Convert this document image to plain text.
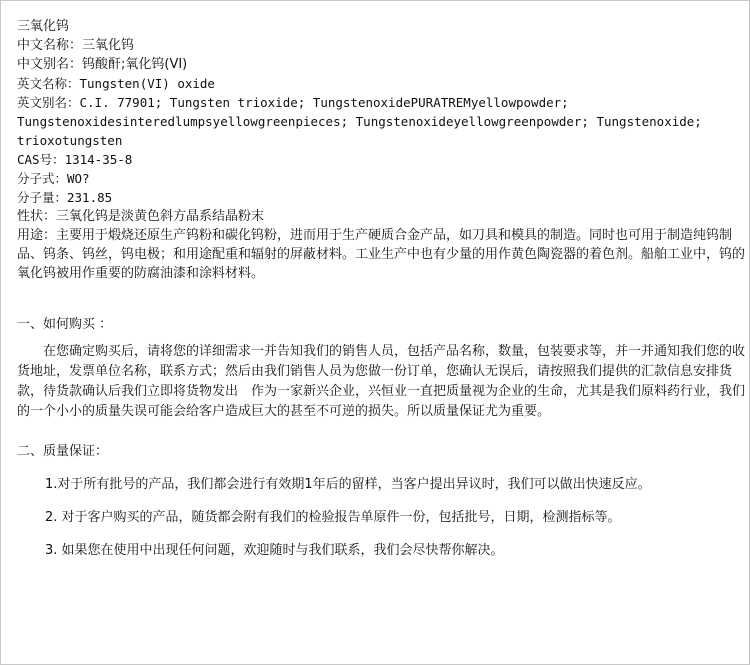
三氧化钨

中文名称：三氧化钨

中文别名：钨酸酐;氧化钨(VI)

英文名称：Tungsten(VI) oxide

英文别名：C.I. 77901; Tungsten trioxide; TungstenoxidePURATREMyellowpowder;

Tungstenoxidesinteredlumpsyellowgreenpieces; Tungstenoxideyellowgreenpowder; Tungstenoxide;

trioxotungsten

CAS号：1314-35-8

分子式：WO?

分子量：231.85

性状：三氧化钨是淡黄色斜方晶系结晶粉末

用途：主要用于煅烧还原生产钨粉和碳化钨粉，进而用于生产硬质合金产品，如刀具和模具的制造。同时也可用于制造纯钨制品、钨条、钨丝，钨电极；和用途配重和辐射的屏蔽材料。工业生产中也有少量的用作黄色陶瓷器的着色剂。船舶工业中，钨的氧化钨被用作重要的防腐油漆和涂料材料。

一、如何购买 ：

在您确定购买后，请将您的详细需求一并告知我们的销售人员，包括产品名称，数量，包装要求等，并一并通知我们您的收货地址，发票单位名称，联系方式；然后由我们销售人员为您做一份订单，您确认无误后，请按照我们提供的汇款信息安排货款，待货款确认后我们立即将货物发出　作为一家新兴企业，兴恒业一直把质量视为企业的生命，尤其是我们原料药行业，我们的一个小小的质量失误可能会给客户造成巨大的甚至不可逆的损失。所以质量保证尤为重要。

二、质量保证：

1.对于所有批号的产品，我们都会进行有效期1年后的留样，当客户提出异议时，我们可以做出快速反应。

2. 对于客户购买的产品，随货都会附有我们的检验报告单原件一份，包括批号，日期，检测指标等。

3. 如果您在使用中出现任何问题，欢迎随时与我们联系，我们会尽快帮你解决。
